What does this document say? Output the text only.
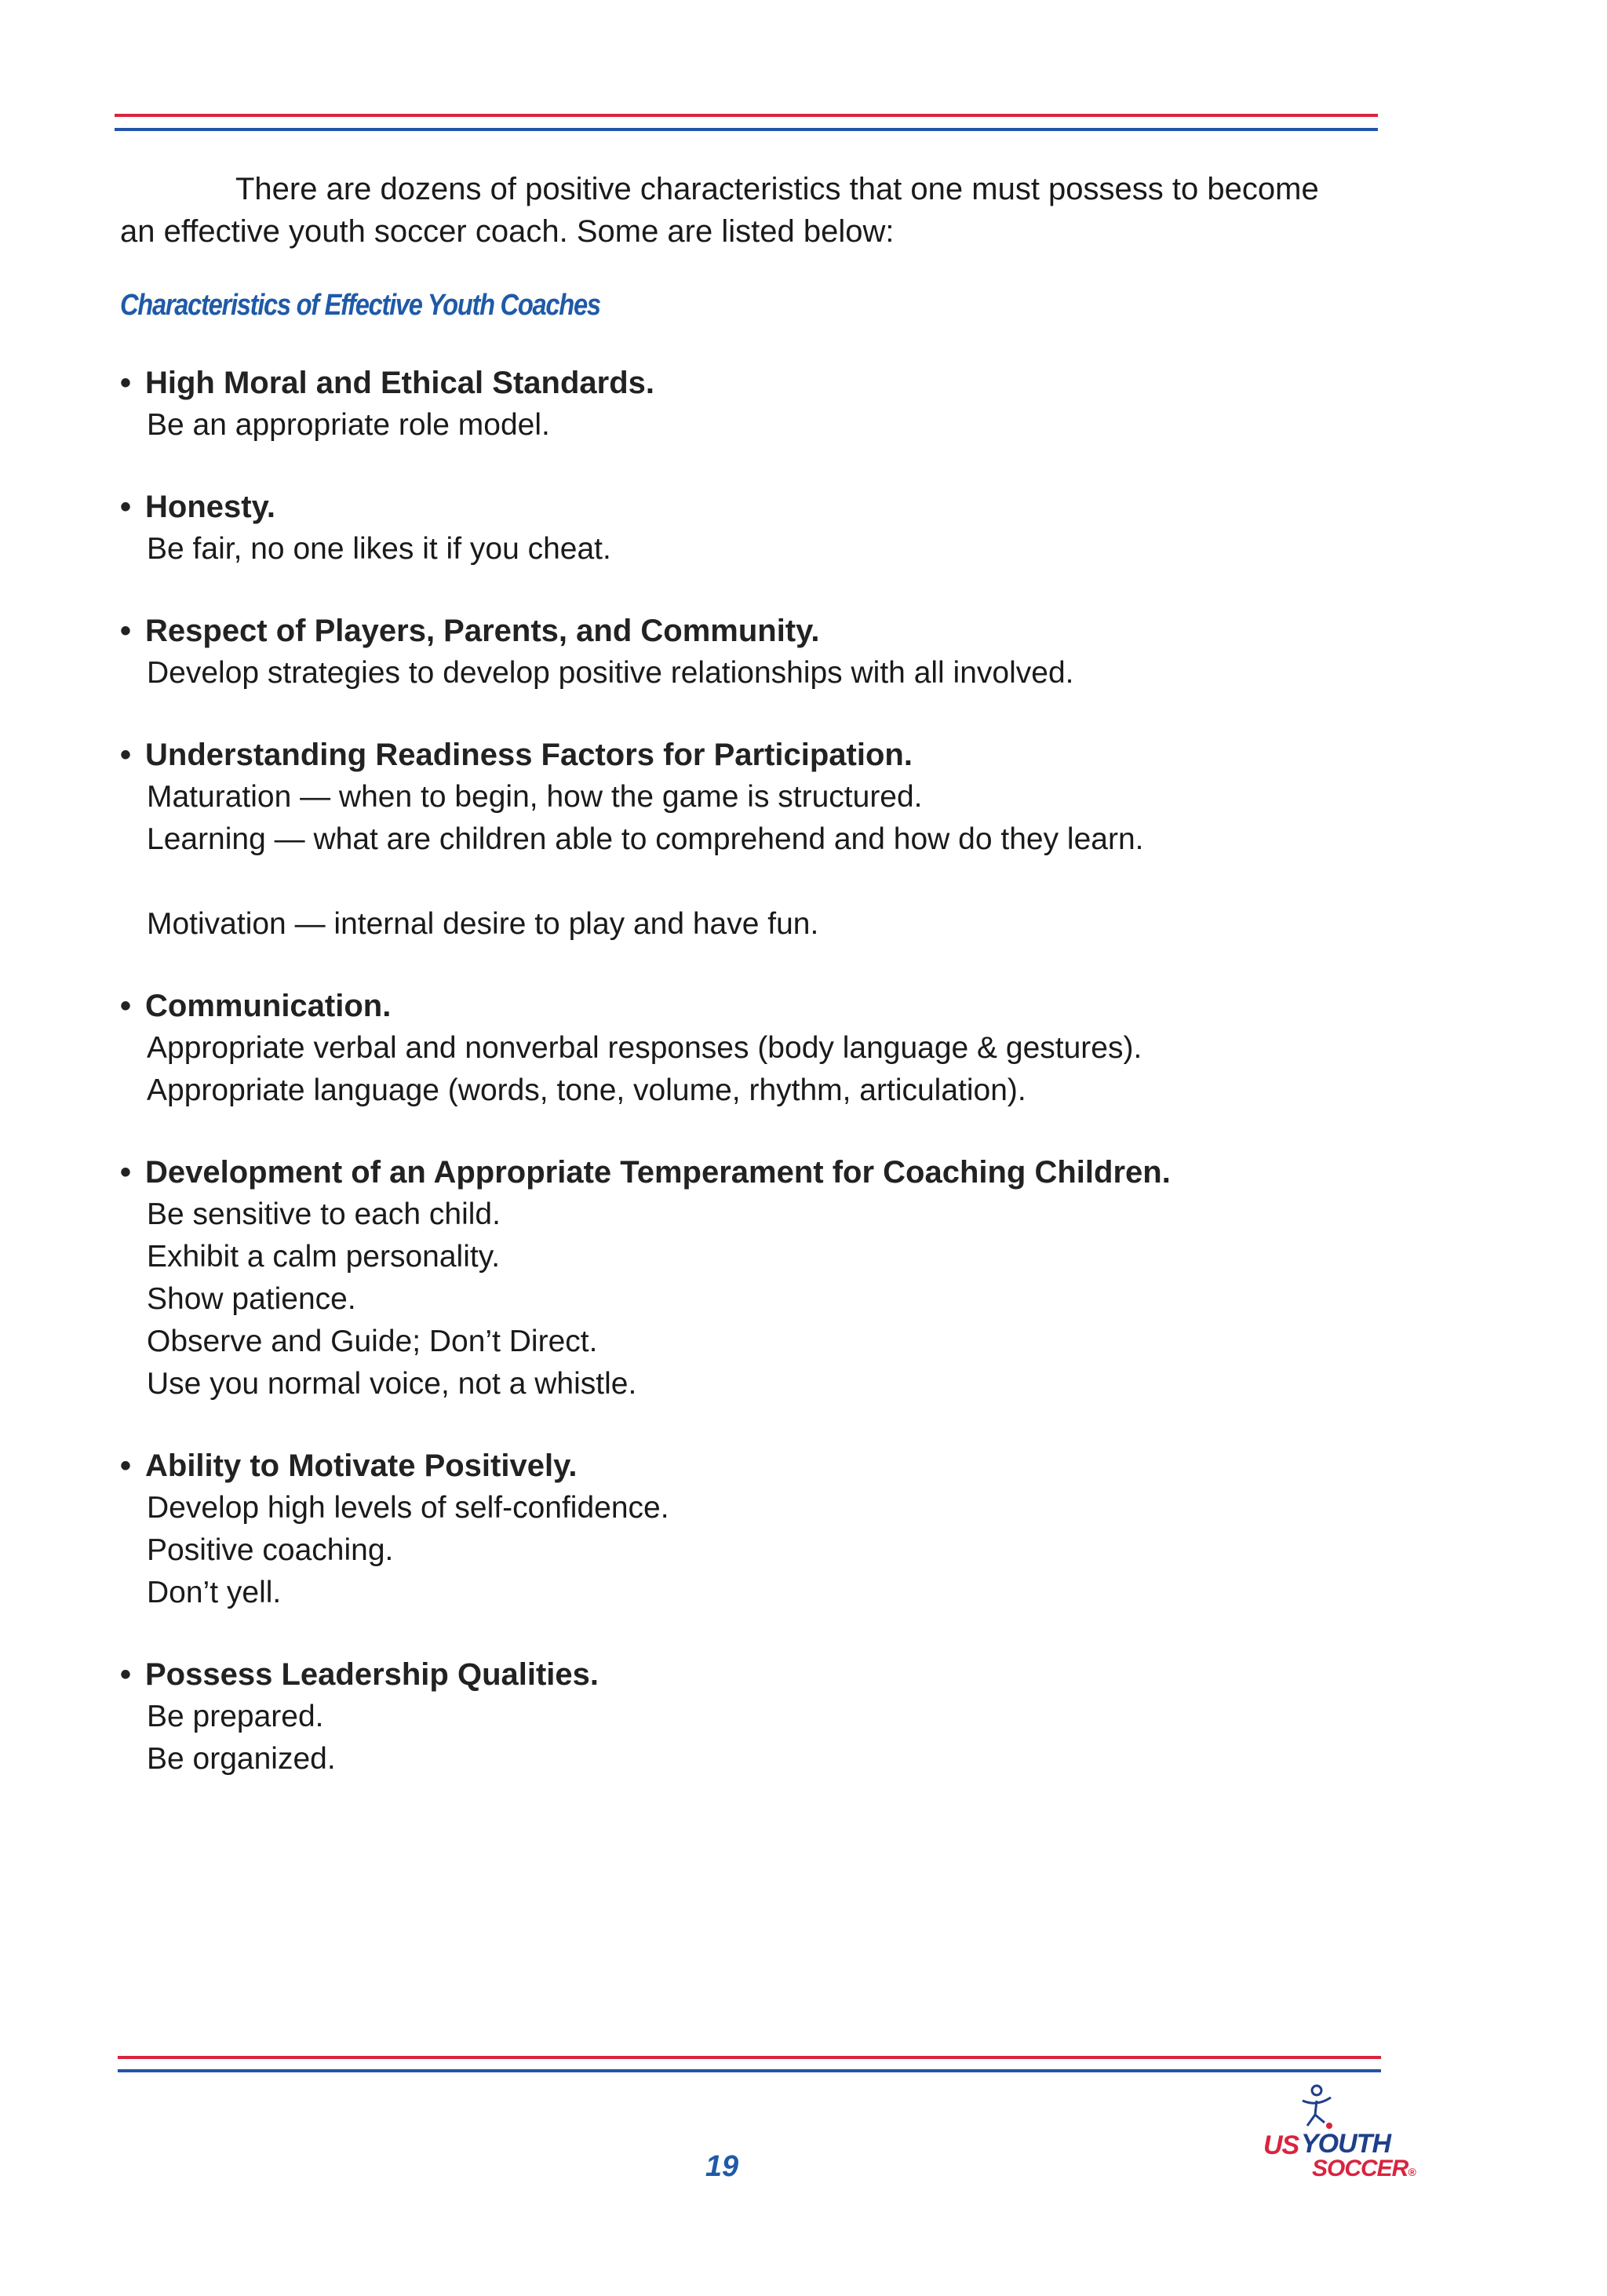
There are dozens of positive characteristics that one must possess to become an effective youth soccer coach. Some are listed below:

Characteristics of Effective Youth Coaches

• High Moral and Ethical Standards.

Be an appropriate role model.

• Honesty.

Be fair, no one likes it if you cheat.

• Respect of Players, Parents, and Community.

Develop strategies to develop positive relationships with all involved.

• Understanding Readiness Factors for Participation.

Maturation — when to begin, how the game is structured.

Learning — what are children able to comprehend and how do they learn.

Motivation — internal desire to play and have fun.

• Communication.

Appropriate verbal and nonverbal responses (body language & gestures).

Appropriate language (words, tone, volume, rhythm, articulation).

• Development of an Appropriate Temperament for Coaching Children.

Be sensitive to each child.

Exhibit a calm personality.

Show patience.

Observe and Guide; Don’t Direct.

Use you normal voice, not a whistle.

• Ability to Motivate Positively.

Develop high levels of self-confidence.

Positive coaching.

Don’t yell.

• Possess Leadership Qualities.

Be prepared.

Be organized.

19
US YOUTH
SOCCER®
